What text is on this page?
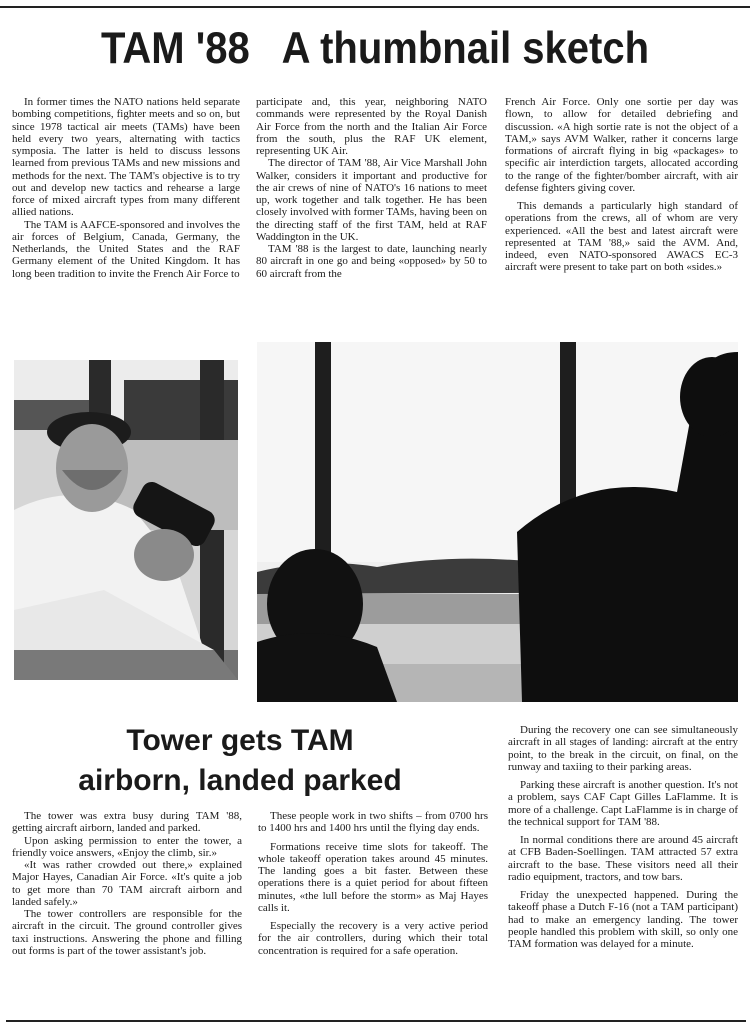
TAM '88   A thumbnail sketch

In former times the NATO nations held separate bombing competitions, fighter meets and so on, but since 1978 tactical air meets (TAMs) have been held every two years, alternating with tactics symposia. The latter is held to discuss lessons learned from previous TAMs and new missions and methods for the next. The TAM's objective is to try out and develop new tactics and rehearse a large force of mixed aircraft types from many different allied nations.

The TAM is AAFCE-sponsored and involves the air forces of Belgium, Canada, Germany, the Netherlands, the United States and the RAF Germany element of the United Kingdom. It has long been tradition to invite the French Air Force to

participate and, this year, neighboring NATO commands were represented by the Royal Danish Air Force from the north and the Italian Air Force from the south, plus the RAF UK element, representing UK Air.

The director of TAM '88, Air Vice Marshall John Walker, considers it important and productive for the air crews of nine of NATO's 16 nations to meet up, work together and talk together. He has been closely involved with former TAMs, having been on the directing staff of the first TAM, held at RAF Waddington in the UK.

TAM '88 is the largest to date, launching nearly 80 aircraft in one go and being «opposed» by 50 to 60 aircraft from the

French Air Force. Only one sortie per day was flown, to allow for detailed debriefing and discussion. «A high sortie rate is not the object of a TAM,» says AVM Walker, rather it concerns large formations of aircraft flying in big «packages» to specific air interdiction targets, allocated according to the range of the fighter/bomber aircraft, with air defense fighters giving cover.

This demands a particularly high standard of operations from the crews, all of whom are very experienced. «All the best and latest aircraft were represented at TAM '88,» said the AVM. And, indeed, even NATO-sponsored AWACS EC-3 aircraft were present to take part on both «sides.»

Tower gets TAM
airborn, landed parked

The tower was extra busy during TAM '88, getting aircraft airborn, landed and parked.

Upon asking permission to enter the tower, a friendly voice answers, «Enjoy the climb, sir.»

«It was rather crowded out there,» explained Major Hayes, Canadian Air Force. «It's quite a job to get more than 70 TAM aircraft airborn and landed safely.»

The tower controllers are responsible for the aircraft in the circuit. The ground controller gives taxi instructions. Answering the phone and filling out forms is part of the tower assistant's job.

These people work in two shifts – from 0700 hrs to 1400 hrs and 1400 hrs until the flying day ends.

Formations receive time slots for takeoff. The whole takeoff operation takes around 45 minutes. The landing goes a bit faster. Between these operations there is a quiet period for about fifteen minutes, «the lull before the storm» as Maj Hayes calls it.

Especially the recovery is a very active period for the air controllers, during which their total concentration is required for a safe operation.

During the recovery one can see simultaneously aircraft in all stages of landing: aircraft at the entry point, to the break in the circuit, on final, on the runway and taxiing to their parking areas.

Parking these aircraft is another question. It's not a problem, says CAF Capt Gilles LaFlamme. It is more of a challenge. Capt LaFlamme is in charge of the technical support for TAM '88.

In normal conditions there are around 45 aircraft at CFB Baden-Soellingen. TAM attracted 57 extra aircraft to the base. These visitors need all their radio equipment, tractors, and tow bars.

Friday the unexpected happened. During the takeoff phase a Dutch F-16 (not a TAM participant) had to make an emergency landing. The tower people handled this problem with skill, so only one TAM formation was delayed for a minute.
